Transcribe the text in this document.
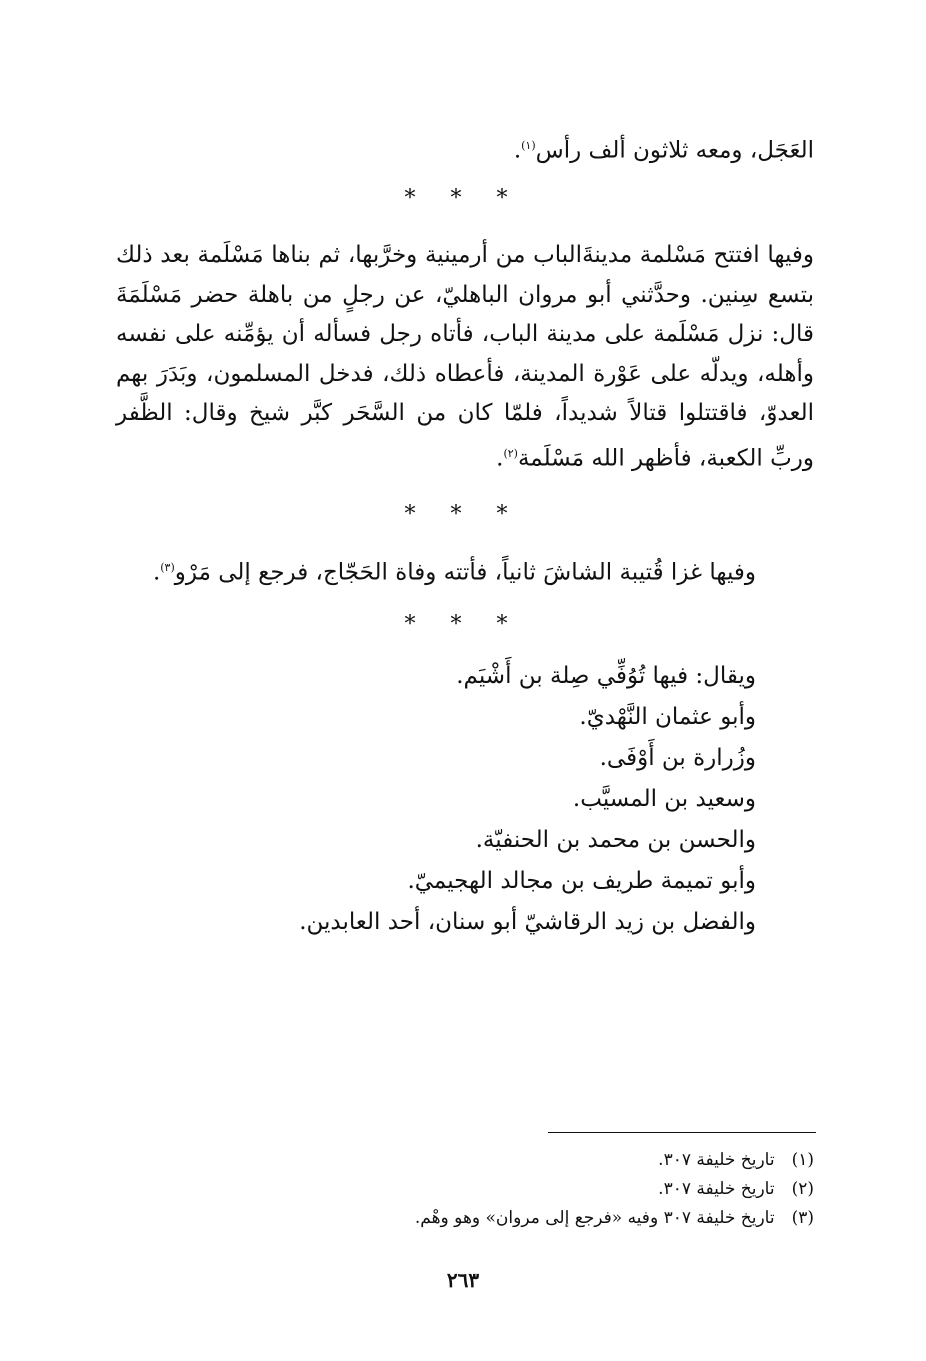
العَجَل، ومعه ثلاثون ألف رأس$^{(١)}$.
* * *
وفيها افتتح مَسْلمة مدينةَالباب من أرمينية وخرَّبها، ثم بناها مَسْلَمة بعد ذلك بتسع سِنين. وحدَّثني أبو مروان الباهليّ، عن رجلٍ من باهلة حضر مَسْلَمَةَ قال: نزل مَسْلَمة على مدينة الباب، فأتاه رجل فسأله أن يؤمِّنه على نفسه وأهله، ويدلّه على عَوْرة المدينة، فأعطاه ذلك، فدخل المسلمون، وبَدَرَ بهم العدوّ، فاقتتلوا قتالاً شديداً، فلمّا كان من السَّحَر كبَّر شيخ وقال: الظَّفر وربِّ الكعبة، فأظهر الله مَسْلَمة$^{(٢)}$.
* * *
وفيها غزا قُتيبة الشاشَ ثانياً، فأتته وفاة الحَجّاج، فرجع إلى مَرْو$^{(٣)}$.
* * *
ويقال: فيها تُوُفِّي صِلة بن أَشْيَم.
وأبو عثمان النَّهْديّ.
وزُرارة بن أَوْفَى.
وسعيد بن المسيَّب.
والحسن بن محمد بن الحنفيّة.
وأبو تميمة طريف بن مجالد الهجيميّ.
والفضل بن زيد الرقاشيّ أبو سنان، أحد العابدين.
(١) تاريخ خليفة ٣٠٧.
(٢) تاريخ خليفة ٣٠٧.
(٣) تاريخ خليفة ٣٠٧ وفيه «فرجع إلى مروان» وهو وهْم.
٢٦٣
